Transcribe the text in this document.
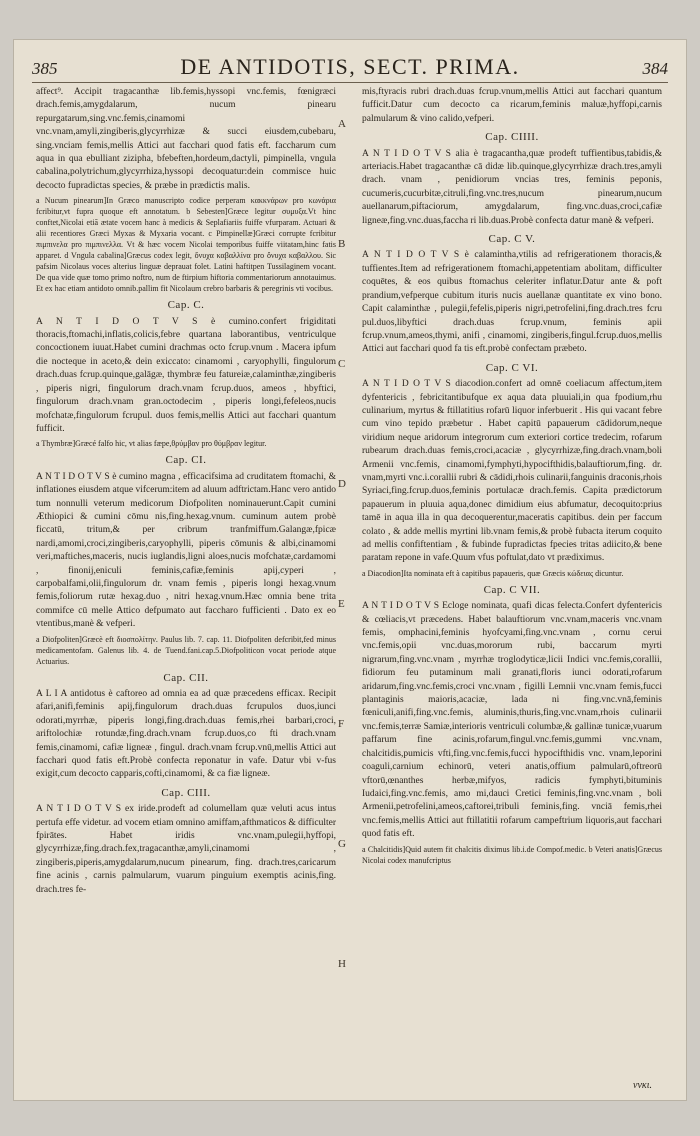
385	DE ANTIDOTIS, SECT. PRIMA.	384

affect⁹. Accipit tragacanthæ lib.femis,hyssopi vnc.femis, fœnigræci drach.femis,amygdalarum, nucum pinearu repurgatarum,sing.vnc.femis,cinamomi vnc.vnam,amyli,zingiberis,glycyrrhizæ & succi eiusdem,cubebaru, sing.vnciam femis,mellis Attici aut facchari quod fatis eft. faccharum cum aqua in qua ebulliant zizipha, bfebeften,hordeum,dactyli, pimpinella, vngula cabalina,polytrichum,glycyrrhiza,hyssopi decoquatur:dein commisce huic decocto fupradictas species, & præbe in prædictis malis.

a Nucum pinearum]In Græco manuscripto codice perperam κακκνάρων pro κωνάρια fcribitur,vt fupra quoque eft annotatum. b Sebesten]Græce legitur συμυξα.Vt hinc conftet,Nicolai etiā ætate vocem hanc à medicis & Seplafiariis fuiffe vfurparam. Actuari & alii recentiores Græci Myxas & Myxaria vocant. c Pimpinellæ]Græci corrupte fcribitur πιμπινελα pro πιμπινελλα. Vt & hæc vocem Nicolai temporibus fuiffe viitatam,hinc fatis apparet. d Vngula cabalina]Græcus codex legit, ὄνυχα καβαλλίνα pro ὄνυχα καβαλλου. Sic pafsim Nicolaus voces alterius linguæ deprauat folet. Latini haftitpen Tussilaginem vocant. De qua vide quæ tomo primo noftro, num de ftirpium hiftoria commentariorum annotauimus. Et ex hac etiam antidoto omnib.pallim fit Nicolaum crebro barbaris & peregrinis vti vocibus.

Cap. C.

A N T I D O T V S è cumino.confert frigiditati thoracis,ftomachi,inflatis,colicis,febre quartana laborantibus, ventriculque concoctionem iuuat.Habet cumini drachmas octo fcrup.vnum . Macera ipfum die nocteque in aceto,& dein exiccato: cinamomi , caryophylli, fingulorum drach.duas fcrup.quinque,galāgæ, thymbræ feu fatureiæ,calaminthæ,zingiberis , piperis nigri, fingulorum drach.vnam fcrup.duos, ameos , hbyftici, fingulorum drach.vnam gran.octodecim , piperis longi,fefeleos,nucis mofchatæ,fingulorum fcrupul. duos femis,mellis Attici aut facchari quantum fufficit.

a Thymbræ]Græcé falfo hic, vt alias fæpe,θρύμβαν pro θύμβραν legitur.

Cap. CI.

A N T I D O T V S è cumino magna , efficacifsima ad cruditatem ftomachi, & inflationes eiusdem atque vifcerum:item ad aluum adftrictam.Hanc vero antido tum nonnulli veterum medicorum Diofpoliten nominauerunt.Capit cumini Æthiopici & cumini cōmu nis,fing.hexag.vnum. cuminum autem probè ficcatū, tritum,& per cribrum tranfmiffum.Galangæ,fpicæ nardi,amomi,croci,zingiberis,caryophylli, piperis cōmunis & albi,cinamomi veri,maftiches,maceris, nucis iuglandis,ligni aloes,nucis mofchatæ,cardamomi , finonij,eniculi feminis,cafiæ,feminis apij,cyperi , carpobalfami,olii,fingulorum dr. vnam femis , piperis longi hexag.vnum femis,foliorum rutæ hexag.duo , nitri hexag.vnum.Hæc omnia bene trita commifce cū melle Attico defpumato aut faccharo fufficienti . Dato ex eo vtentibus,manè & vefperi.

a Diofpoliten]Græcè eft διοσπολίτην. Paulus lib. 7. cap. 11. Diofpoliten defcribit,fed minus medicamentofam. Galenus lib. 4. de Tuend.fani.cap.5.Diofpoliticon vocat periode atque Actuarius.

Cap. CII.

A L I A antidotus è caftoreo ad omnia ea ad quæ præcedens efficax. Recipit afari,anifi,feminis apij,fingulorum drach.duas fcrupulos duos,iunci odorati,myrrhæ, piperis longi,fing.drach.duas femis,rhei barbari,croci, ariftolochiæ rotundæ,fing.drach.vnam fcrup.duos,co fti drach.vnam femis,cinamomi, cafiæ ligneæ , fingul. drach.vnam fcrup.vnū,mellis Attici aut facchari quod fatis eft.Probè confecta reponatur in vafe. Datur vbi v-fus exigit,cum decocto capparis,cofti,cinamomi, & ca fiæ ligneæ.

Cap. CIII.

A N T I D O T V S ex iride.prodeft ad columellam quæ veluti acus intus pertufa effe videtur. ad vocem etiam omnino amiffam,afthmaticos & difficulter fpirātes. Habet iridis vnc.vnam,pulegii,hyffopi, glycyrrhizæ,fing.drach.fex,tragacanthæ,amyli,cinamomi , zingiberis,piperis,amygdalarum,nucum pinearum, fing. drach.tres,caricarum fine acinis , carnis palmularum, vuarum pinguium exemptis acinis,fing. drach.tres fe-

A
B
C
D
E
F
G
H

mis,ftyracis rubri drach.duas fcrup.vnum,mellis Attici aut facchari quantum fufficit.Datur cum decocto ca ricarum,feminis maluæ,hyffopi,carnis palmularum & vino calido,vefperi.

Cap. CIIII.

A N T I D O T V S alia è tragacantha,quæ prodeft tuffientibus,tabidis,& arteriacis.Habet tragacanthæ cā didæ lib.quinque,glycyrrhizæ drach.tres,amyli drach. vnam , penidiorum vncias tres, feminis peponis, cucumeris,cucurbitæ,citruli,fing.vnc.tres,nucum pinearum,nucum auellanarum,piftaciorum, amygdalarum, fing.vnc.duas,croci,cafiæ ligneæ,fing.vnc.duas,faccha ri lib.duas.Probè confecta datur manè & vefperi.

Cap. C V.

A N T I D O T V S è calamintha,vtilis ad refrigerationem thoracis,& tuffientes.Item ad refrigerationem ftomachi,appetentiam abolitam, difficulter coquētes, & eos quibus ftomachus celeriter inflatur.Datur ante & poft prandium,vefperque cubitum ituris nucis auellanæ quantitate ex vino bono. Capit calaminthæ , pulegii,fefelis,piperis nigri,petrofelini,fing.drach.tres fcru pul.duos,libyftici drach.duas fcrup.vnum, feminis apii fcrup.vnum,ameos,thymi, anifi , cinamomi, zingiberis,fingul.fcrup.duos,mellis Attici aut facchari quod fa tis eft.probè confectam præbeto.

Cap. C VI.

A N T I D O T V S diacodion.confert ad omnē coeliacum affectum,item dyfentericis , febricitantibufque ex aqua data pluuiali,in qua fpodium,rhu culinarium, myrtus & ftillatitius rofarū liquor inferbuerit . His qui vacant febre cum vino tepido præbetur . Habet capitū papauerum cādidorum,neque viridium neque aridorum integrorum cum exteriori cortice tredecim, rofarum rubearum drach.duas femis,croci,acaciæ , glycyrrhizæ,fing.drach.vnam,boli Armenii vnc.femis, cinamomi,fymphyti,hypocifthidis,balauftiorum,fing. dr. vnam,myrti vnc.i.corallii rubri & cādidi,rhois culinarii,fanguinis draconis,rhois Syriaci,fing.fcrup.duos,feminis portulacæ drach.femis. Capita prædictorum papauerum in pluuia aqua,donec dimidium eius abfumatur, decoquito:prius tamē in aqua illa in qua decoquerentur,maceratis capitibus. dein per faccum colato , & adde mellis myrtini lib.vnam femis,& probè fubacta iterum coquito ad mellis confiftentiam , & fubinde fupradictas fpecies tritas adiicito,& bene paratam repone in vafe.Quum vfus poftulat,dato vt prædiximus.

a Diacodion]Ita nominata eft à capitibus papaueris, quæ Græcis κώδειας dicuntur.

Cap. C VII.

A N T I D O T V S Ecloge nominata, quafi dicas felecta.Confert dyfentericis & cœliacis,vt præcedens. Habet balauftiorum vnc.vnam,maceris vnc.vnam femis, omphacini,feminis hyofcyami,fing.vnc.vnam , cornu cerui vnc.femis,opii vnc.duas,mororum rubi, baccarum myrti nigrarum,fing.vnc.vnam , myrrhæ troglodyticæ,licii Indici vnc.femis,corallii, fidiorum feu putaminum mali granati,floris iunci odorati,rofarum aridarum,fing.vnc.femis,croci vnc.vnam , figilli Lemnii vnc.vnam femis,fucci plantaginis maioris,acaciæ, lada ni fing.vnc.vnā,feminis fœniculi,anifi,fing.vnc.femis, aluminis,thuris,fing.vnc.vnam,rhois culinarii vnc.femis,terræ Samiæ,interioris ventriculi columbæ,& gallinæ tunicæ,vuarum paffarum fine acinis,rofarum,fingul.vnc.femis,gummi vnc.vnam, chalcitidis,pumicis vfti,fing.vnc.femis,fucci hypocifthidis vnc. vnam,leporini coaguli,carnium echinorū, veteri anatis,offium palmularū,oftreorū vftorū,œnanthes herbæ,mifyos, radicis fymphyti,bituminis Iudaici,fing.vnc.femis, amo mi,dauci Cretici feminis,fing.vnc.vnam , boli Armenii,petrofelini,ameos,caftorei,tribuli feminis,fing. vnciā femis,rhei vnc.femis,mellis Attici aut ftillatitii rofarum campeftrium liquoris,aut facchari quod fatis eft.

a Chalcitidis]Quid autem fit chalcitis diximus lib.i.de Compof.medic. b Veteri anatis]Græcus Nicolai codex manufcriptus

ννκι.
